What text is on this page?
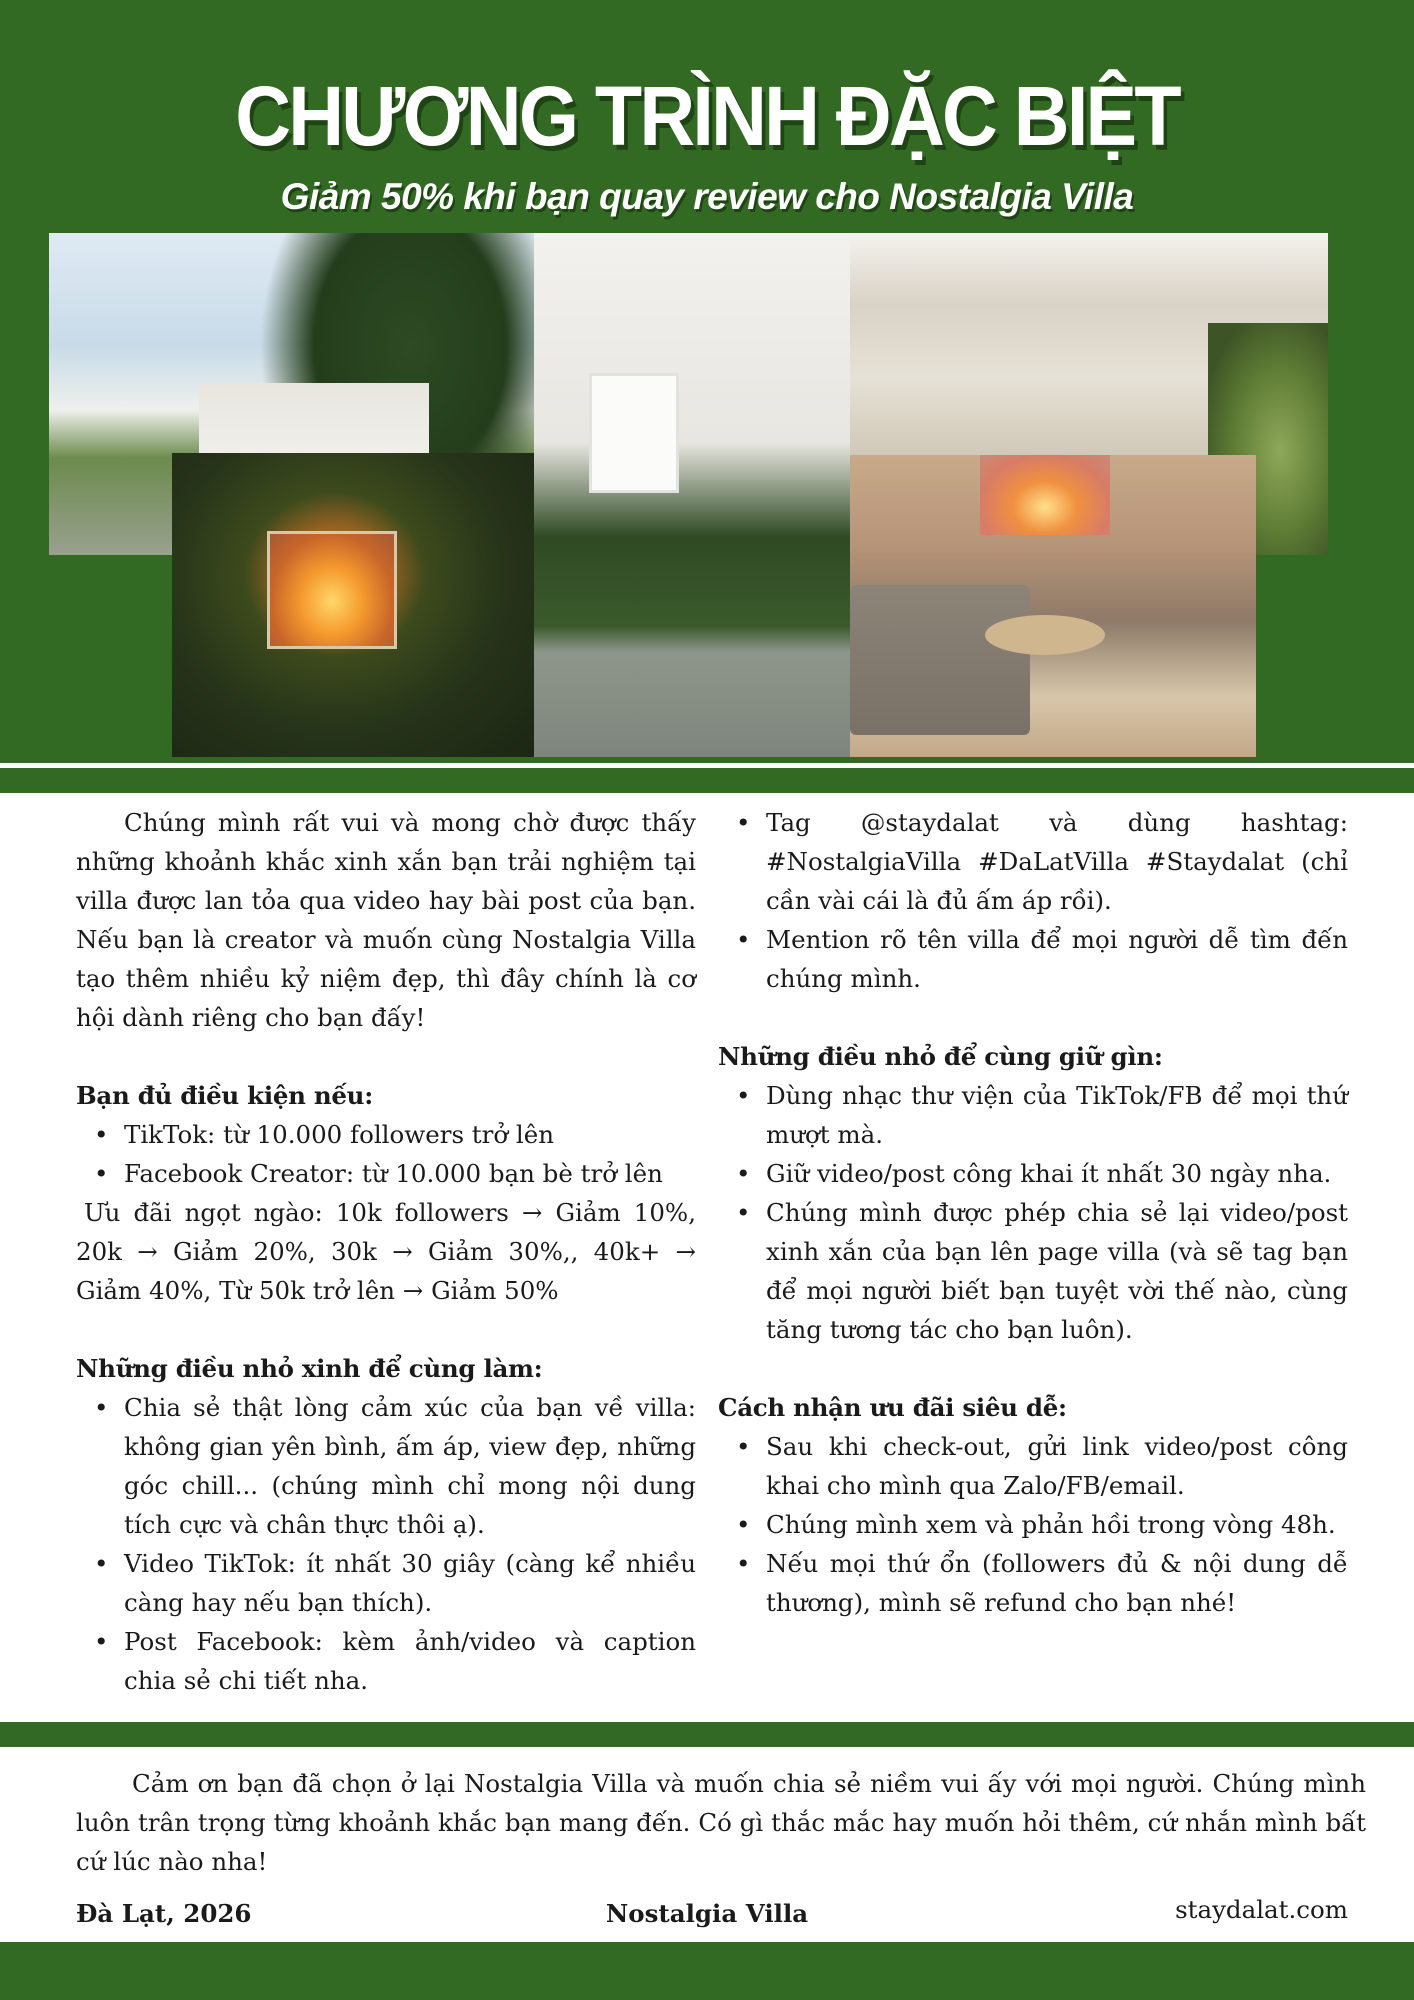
CHƯƠNG TRÌNH ĐẶC BIỆT
Giảm 50% khi bạn quay review cho Nostalgia Villa

Chúng mình rất vui và mong chờ được thấy những khoảnh khắc xinh xắn bạn trải nghiệm tại villa được lan tỏa qua video hay bài post của bạn. Nếu bạn là creator và muốn cùng Nostalgia Villa tạo thêm nhiều kỷ niệm đẹp, thì đây chính là cơ hội dành riêng cho bạn đấy!

Bạn đủ điều kiện nếu:
• TikTok: từ 10.000 followers trở lên
• Facebook Creator: từ 10.000 bạn bè trở lên

Ưu đãi ngọt ngào: 10k followers → Giảm 10%, 20k → Giảm 20%, 30k → Giảm 30%,, 40k+ → Giảm 40%, Từ 50k trở lên → Giảm 50%

Những điều nhỏ xinh để cùng làm:
• Chia sẻ thật lòng cảm xúc của bạn về villa: không gian yên bình, ấm áp, view đẹp, những góc chill... (chúng mình chỉ mong nội dung tích cực và chân thực thôi ạ).
• Video TikTok: ít nhất 30 giây (càng kể nhiều càng hay nếu bạn thích).
• Post Facebook: kèm ảnh/video và caption chia sẻ chi tiết nha.
• Tag @staydalat và dùng hashtag: #NostalgiaVilla #DaLatVilla #Staydalat (chỉ cần vài cái là đủ ấm áp rồi).
• Mention rõ tên villa để mọi người dễ tìm đến chúng mình.
Những điều nhỏ để cùng giữ gìn:
• Dùng nhạc thư viện của TikTok/FB để mọi thứ mượt mà.
• Giữ video/post công khai ít nhất 30 ngày nha.
• Chúng mình được phép chia sẻ lại video/post xinh xắn của bạn lên page villa (và sẽ tag bạn để mọi người biết bạn tuyệt vời thế nào, cùng tăng tương tác cho bạn luôn).
Cách nhận ưu đãi siêu dễ:
• Sau khi check-out, gửi link video/post công khai cho mình qua Zalo/FB/email.
• Chúng mình xem và phản hồi trong vòng 48h.
• Nếu mọi thứ ổn (followers đủ & nội dung dễ thương), mình sẽ refund cho bạn nhé!

Cảm ơn bạn đã chọn ở lại Nostalgia Villa và muốn chia sẻ niềm vui ấy với mọi người. Chúng mình luôn trân trọng từng khoảnh khắc bạn mang đến. Có gì thắc mắc hay muốn hỏi thêm, cứ nhắn mình bất cứ lúc nào nha!

Đà Lạt, 2026	Nostalgia Villa	staydalat.com
